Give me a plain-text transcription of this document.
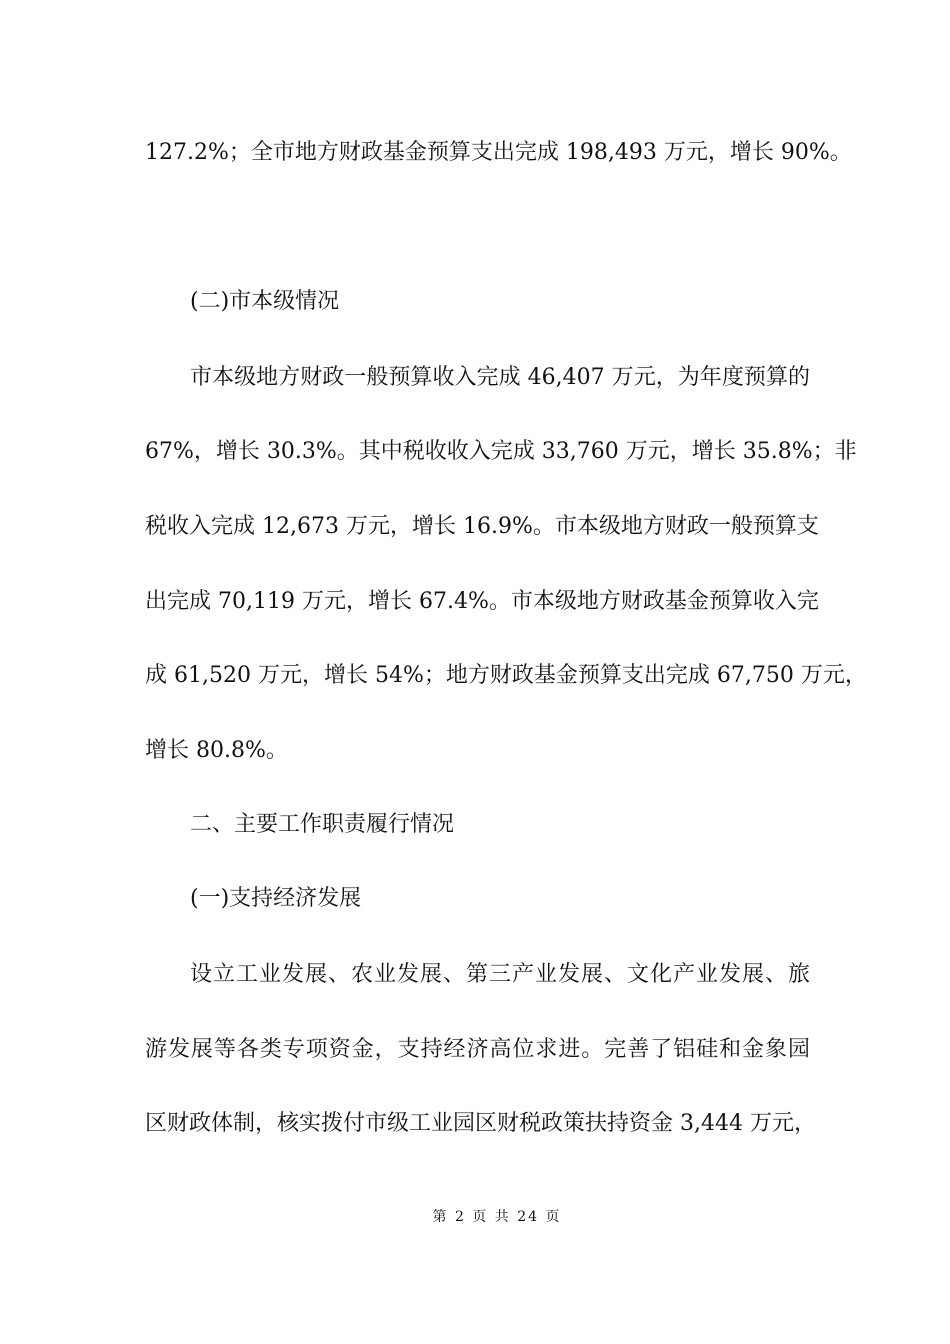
127.2%；全市地方财政基金预算支出完成 198,493 万元，增长 90%。
(二)市本级情况
市本级地方财政一般预算收入完成 46,407 万元，为年度预算的
67%，增长 30.3%。其中税收收入完成 33,760 万元，增长 35.8%；非
税收入完成 12,673 万元，增长 16.9%。市本级地方财政一般预算支
出完成 70,119 万元，增长 67.4%。市本级地方财政基金预算收入完
成 61,520 万元，增长 54%；地方财政基金预算支出完成 67,750 万元，
增长 80.8%。
二、主要工作职责履行情况
(一)支持经济发展
设立工业发展、农业发展、第三产业发展、文化产业发展、旅
游发展等各类专项资金，支持经济高位求进。完善了铝硅和金象园
区财政体制，核实拨付市级工业园区财税政策扶持资金 3,444 万元，
第 2 页 共 24 页
